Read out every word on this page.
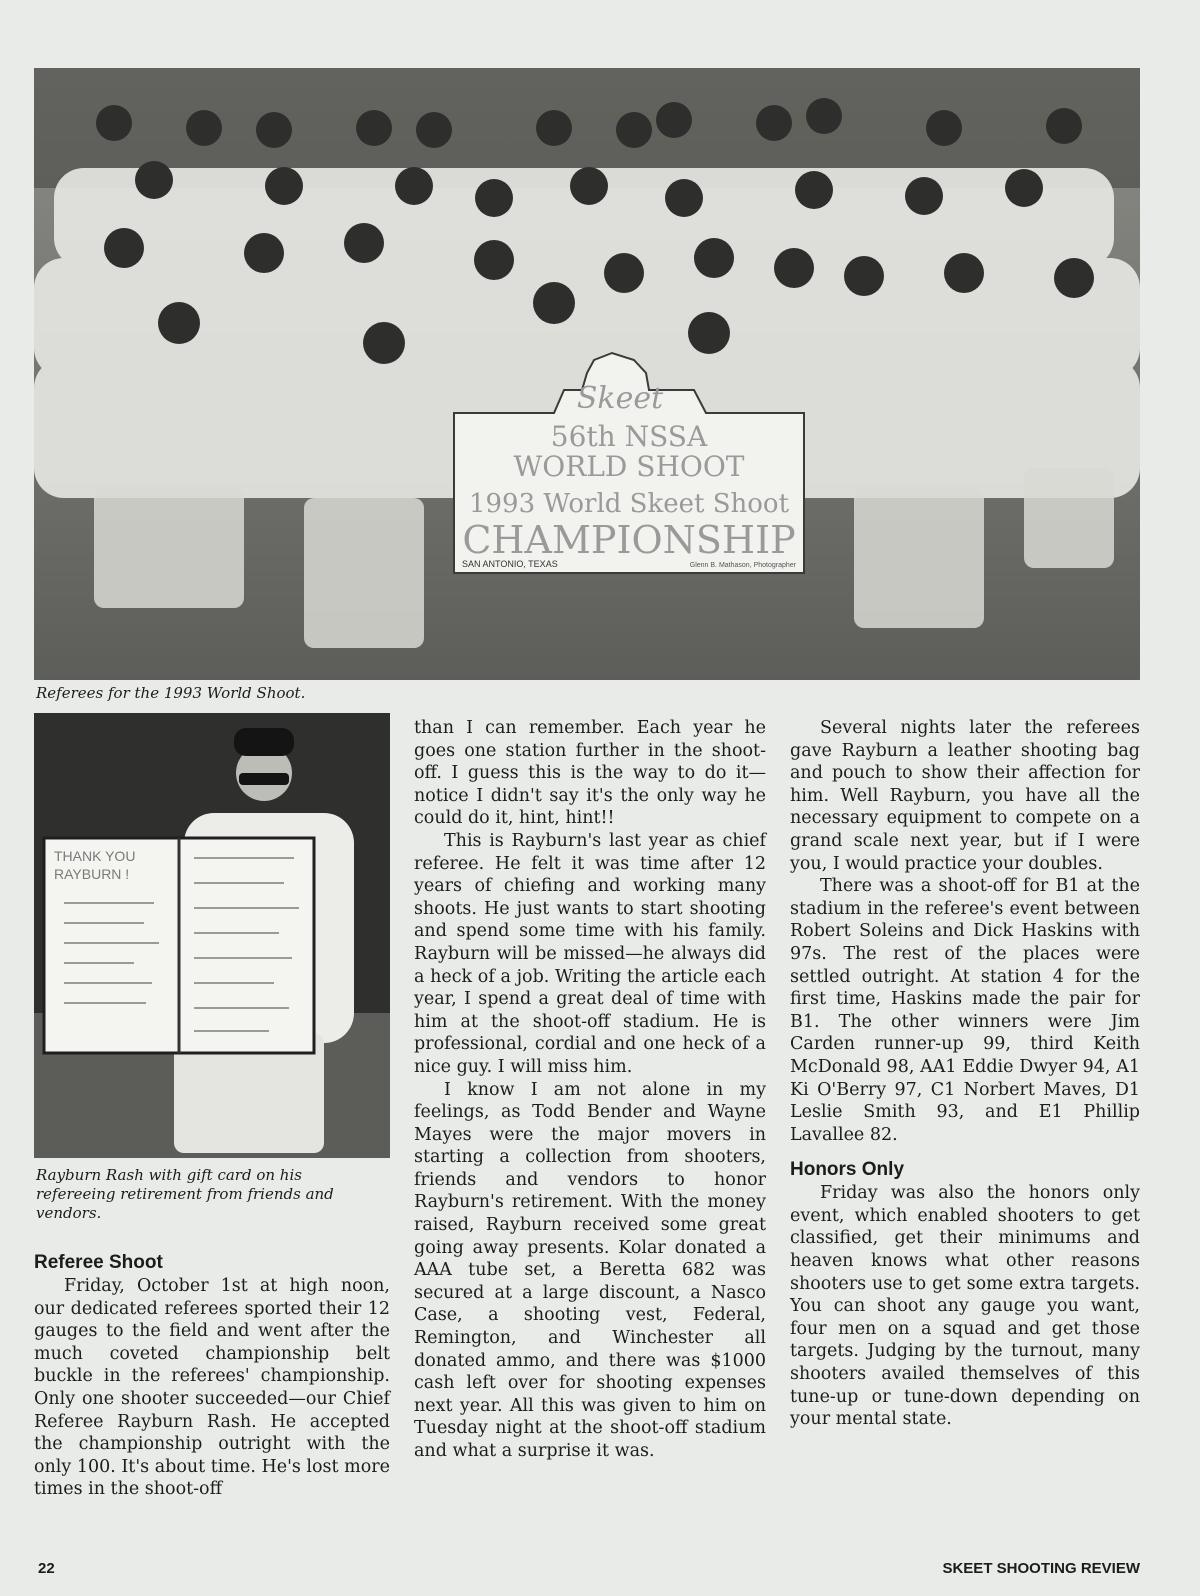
Skeet
56th NSSA
WORLD SHOOT
1993 World Skeet Shoot
CHAMPIONSHIP
SAN ANTONIO, TEXAS	Glenn B. Mathason, Photographer
Referees for the 1993 World Shoot.
THANK YOU
RAYBURN !
Rayburn Rash with gift card on his refereeing retirement from friends and vendors.
Referee Shoot

Friday, October 1st at high noon, our dedicated referees sported their 12 gauges to the field and went after the much coveted championship belt buckle in the referees' championship. Only one shooter succeeded—our Chief Referee Rayburn Rash. He accepted the championship outright with the only 100. It's about time. He's lost more times in the shoot-off

than I can remember. Each year he goes one station further in the shoot-off. I guess this is the way to do it—notice I didn't say it's the only way he could do it, hint, hint!!

This is Rayburn's last year as chief referee. He felt it was time after 12 years of chiefing and working many shoots. He just wants to start shooting and spend some time with his family. Rayburn will be missed—he always did a heck of a job. Writing the article each year, I spend a great deal of time with him at the shoot-off stadium. He is professional, cordial and one heck of a nice guy. I will miss him.

I know I am not alone in my feelings, as Todd Bender and Wayne Mayes were the major movers in starting a collection from shooters, friends and vendors to honor Rayburn's retirement. With the money raised, Rayburn received some great going away presents. Kolar donated a AAA tube set, a Beretta 682 was secured at a large discount, a Nasco Case, a shooting vest, Federal, Remington, and Winchester all donated ammo, and there was $1000 cash left over for shooting expenses next year. All this was given to him on Tuesday night at the shoot-off stadium and what a surprise it was.

Several nights later the referees gave Rayburn a leather shooting bag and pouch to show their affection for him. Well Rayburn, you have all the necessary equipment to compete on a grand scale next year, but if I were you, I would practice your doubles.

There was a shoot-off for B1 at the stadium in the referee's event between Robert Soleins and Dick Haskins with 97s. The rest of the places were settled outright. At station 4 for the first time, Haskins made the pair for B1. The other winners were Jim Carden runner-up 99, third Keith McDonald 98, AA1 Eddie Dwyer 94, A1 Ki O'Berry 97, C1 Norbert Maves, D1 Leslie Smith 93, and E1 Phillip Lavallee 82.

Honors Only

Friday was also the honors only event, which enabled shooters to get classified, get their minimums and heaven knows what other reasons shooters use to get some extra targets. You can shoot any gauge you want, four men on a squad and get those targets. Judging by the turnout, many shooters availed themselves of this tune-up or tune-down depending on your mental state.

22	SKEET SHOOTING REVIEW
